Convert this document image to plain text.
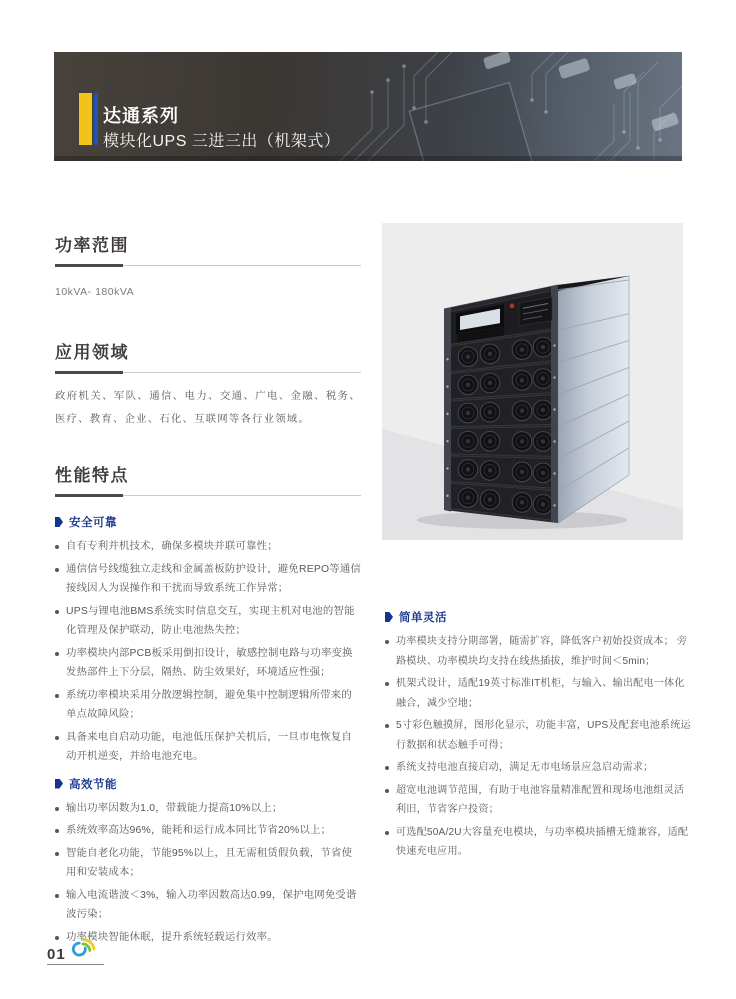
达通系列
模块化UPS 三进三出（机架式）
功率范围
10kVA- 180kVA
应用领域

政府机关、军队、通信、电力、交通、广电、金融、税务、医疗、教育、企业、石化、互联网等各行业领域。

性能特点
安全可靠
自有专利并机技术，确保多模块并联可靠性；
通信信号线缆独立走线和金属盖板防护设计，避免REPO等通信接线因人为误操作和干扰而导致系统工作异常；
UPS与锂电池BMS系统实时信息交互，实现主机对电池的智能化管理及保护联动，防止电池热失控；
功率模块内部PCB板采用倒扣设计，敏感控制电路与功率变换发热部件上下分层，隔热、防尘效果好，环境适应性强；
系统功率模块采用分散逻辑控制，避免集中控制逻辑所带来的单点故障风险；
具备来电自启动功能，电池低压保护关机后，一旦市电恢复自动开机逆变，并给电池充电。
高效节能
输出功率因数为1.0，带载能力提高10%以上；
系统效率高达96%，能耗和运行成本同比节省20%以上；
智能自老化功能，节能95%以上，且无需租赁假负载，节省使用和安装成本；
输入电流谐波＜3%，输入功率因数高达0.99，保护电网免受谐波污染；
功率模块智能休眠，提升系统轻载运行效率。
简单灵活
功率模块支持分期部署，随需扩容，降低客户初始投资成本； 旁路模块、功率模块均支持在线热插拔，维护时间＜5min；
机架式设计，适配19英寸标准IT机柜，与输入、输出配电一体化融合，减少空地；
5寸彩色触摸屏，图形化显示，功能丰富，UPS及配套电池系统运行数据和状态触手可得；
系统支持电池直接启动，满足无市电场景应急启动需求；
超宽电池调节范围，有助于电池容量精准配置和现场电池组灵活利旧，节省客户投资；
可选配50A/2U大容量充电模块，与功率模块插槽无缝兼容，适配快速充电应用。
01
